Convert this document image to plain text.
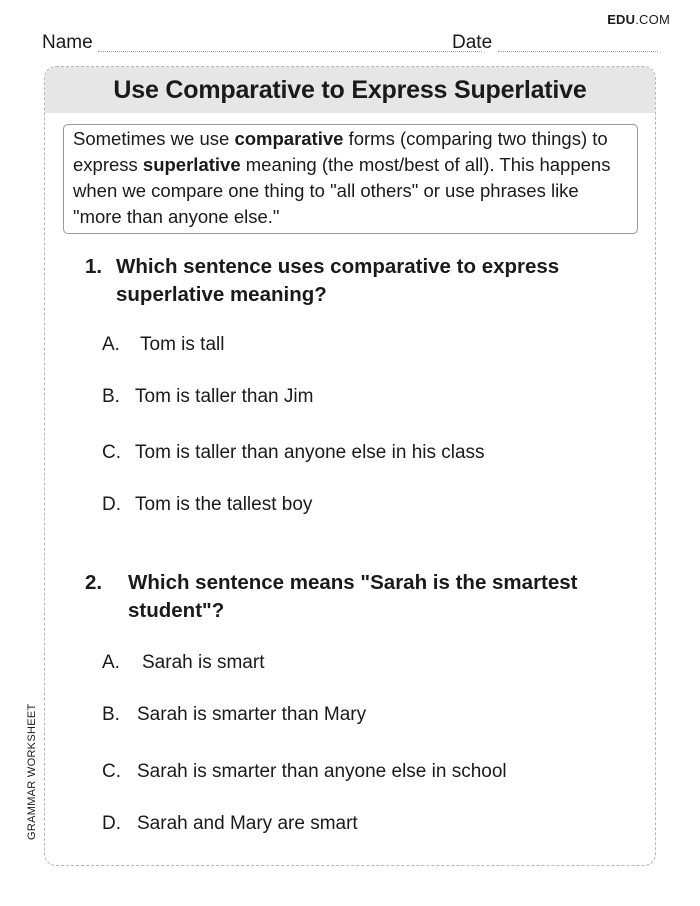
EDU.COM
Name	Date
Use Comparative to Express Superlative
Sometimes we use comparative forms (comparing two things) to express superlative meaning (the most/best of all). This happens when we compare one thing to "all others" or use phrases like "more than anyone else."
1. Which sentence uses comparative to express superlative meaning?
A. Tom is tall
B. Tom is taller than Jim
C. Tom is taller than anyone else in his class
D. Tom is the tallest boy
2.	Which sentence means "Sarah is the smartest student"?
A. Sarah is smart
B. Sarah is smarter than Mary
C. Sarah is smarter than anyone else in school
D. Sarah and Mary are smart
GRAMMAR WORKSHEET
